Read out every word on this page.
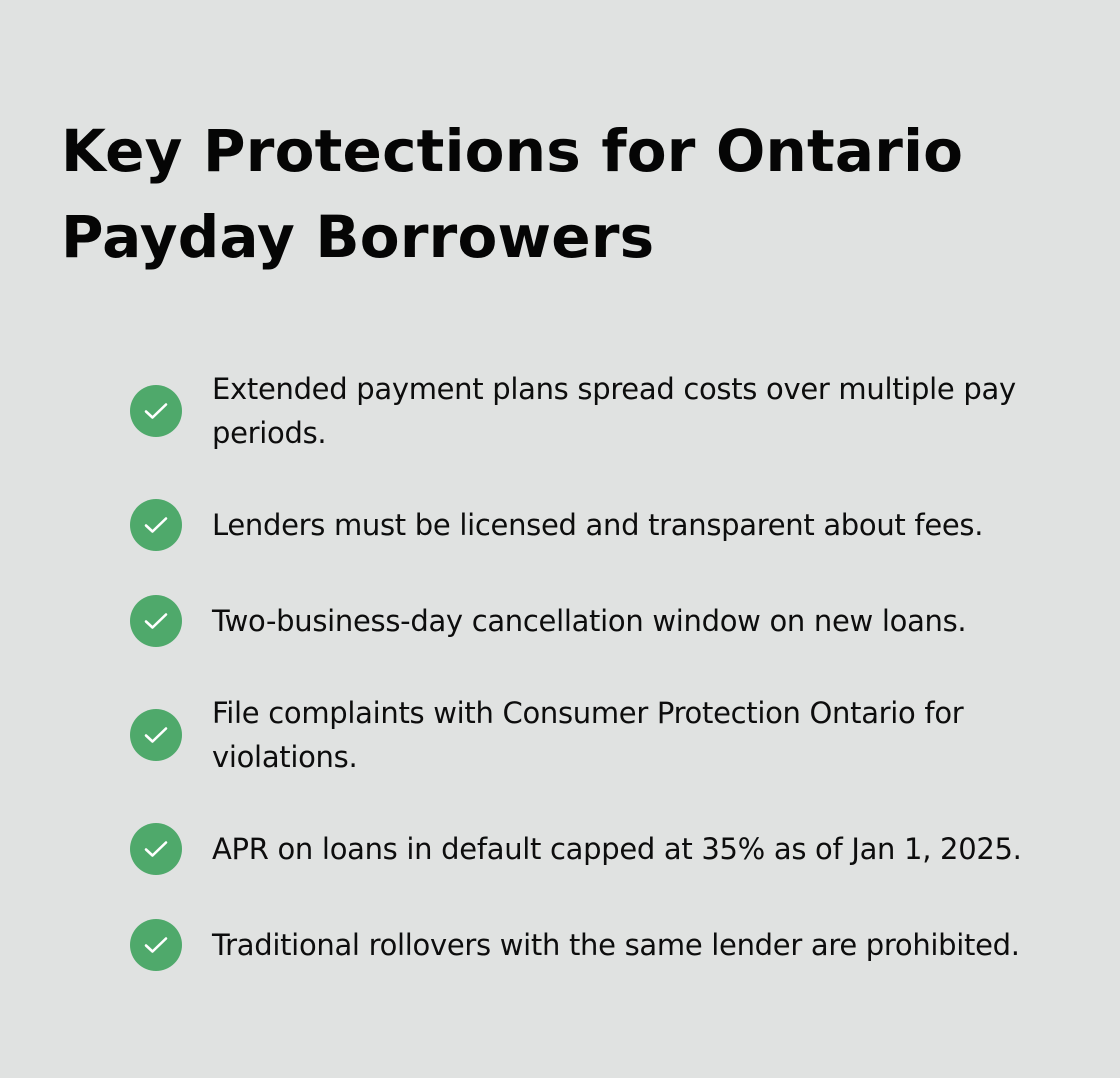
Key Protections for Ontario Payday Borrowers
Extended payment plans spread costs over multiple pay periods.
Lenders must be licensed and transparent about fees.
Two-business-day cancellation window on new loans.
File complaints with Consumer Protection Ontario for violations.
APR on loans in default capped at 35% as of Jan 1, 2025.
Traditional rollovers with the same lender are prohibited.
